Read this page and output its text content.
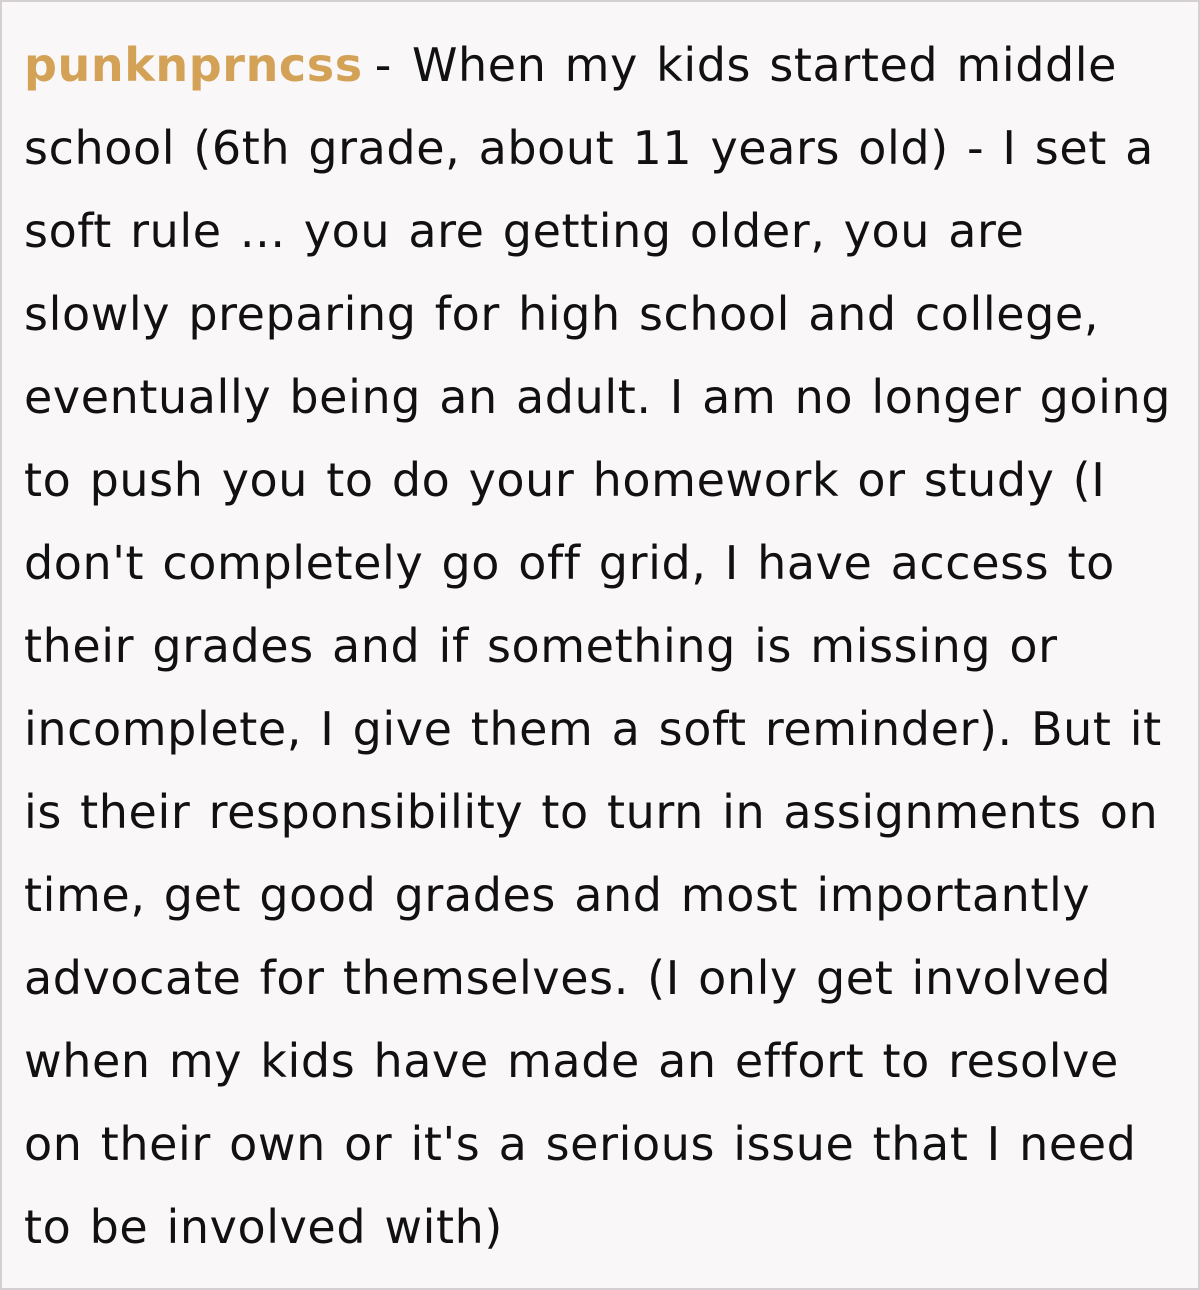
punknprncss - When my kids started middle school (6th grade, about 11 years old) - I set a soft rule ... you are getting older, you are slowly preparing for high school and college, eventually being an adult. I am no longer going to push you to do your homework or study (I don't completely go off grid, I have access to their grades and if something is missing or incomplete, I give them a soft reminder). But it is their responsibility to turn in assignments on time, get good grades and most importantly advocate for themselves. (I only get involved when my kids have made an effort to resolve on their own or it's a serious issue that I need to be involved with)
